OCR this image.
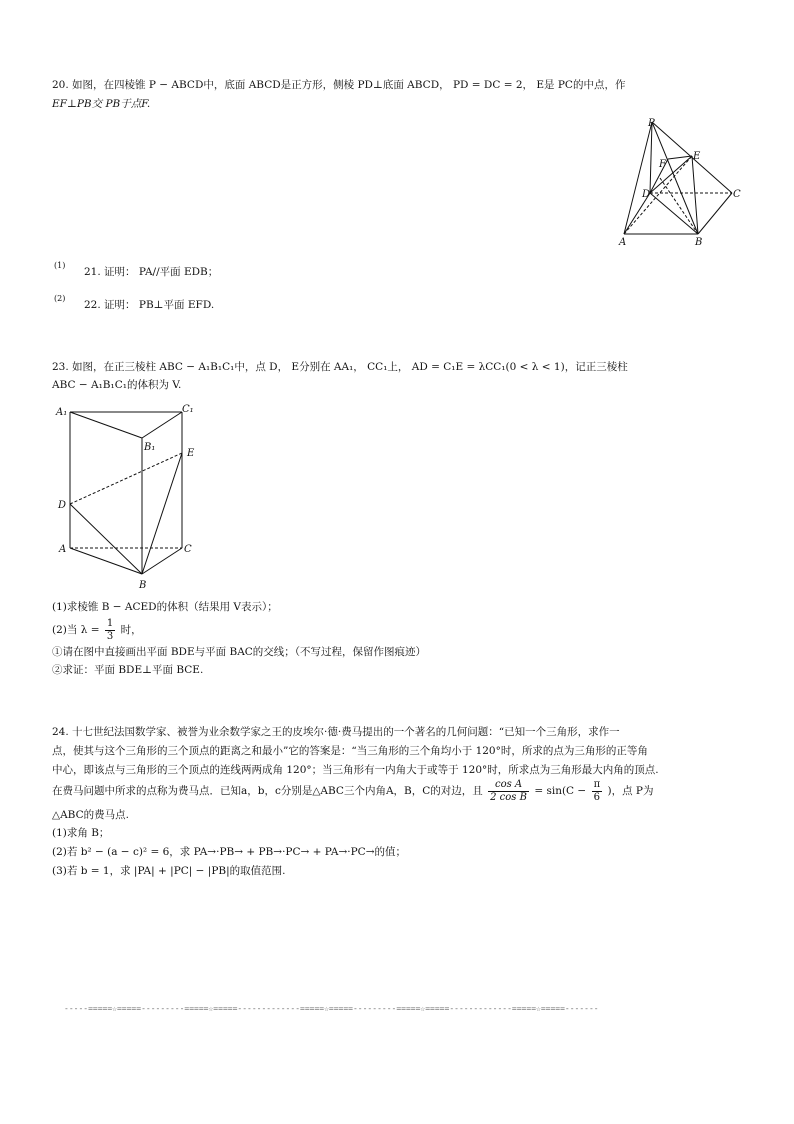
20. 如图，在四棱锥 P − ABCD中，底面 ABCD是正方形，侧棱 PD⊥底面 ABCD， PD = DC = 2， E是 PC的中点，作
EF⊥PB交 PB于点F.
P
E
F
D	C
A	B
(1)
21. 证明： PA//平面 EDB；
(2)
22. 证明： PB⊥平面 EFD.
23. 如图，在正三棱柱 ABC − A₁B₁C₁中，点 D， E分别在 AA₁， CC₁上， AD = C₁E = λCC₁(0 < λ < 1)，记正三棱柱
ABC − A₁B₁C₁的体积为 V.
A₁	C₁
B₁
E
D
A	C
B
(1)求棱锥 B − ACED的体积（结果用 V表示）；
(2)当 $\lambda = \frac{1}{3}$ 时，
①请在图中直接画出平面 BDE与平面 BAC的交线；（不写过程，保留作图痕迹）
②求证：平面 BDE⊥平面 BCE.
24. 十七世纪法国数学家、被誉为业余数学家之王的皮埃尔·德·费马提出的一个著名的几何问题：“已知一个三角形，求作一
点，使其与这个三角形的三个顶点的距离之和最小”它的答案是：“当三角形的三个角均小于 120°时，所求的点为三角形的正等角
中心，即该点与三角形的三个顶点的连线两两成角 120°；当三角形有一内角大于或等于 120°时，所求点为三角形最大内角的顶点.
在费马问题中所求的点称为费马点．已知a，b，c分别是△ABC三个内角A，B，C的对边，且 $\frac{\text{cos A}}{\text{2 cos B}} = \sin(C - \frac{\pi}{6}$ )，点 P为
△ABC的费马点.
(1)求角 B；
(2)若 b² − (a − c)² = 6，求 PA→·PB→ + PB→·PC→ + PA→·PC→的值；
(3)若 b = 1，求 |PA| + |PC| − |PB|的取值范围.
-----=====☆=====---------=====☆=====-------------=====☆=====---------=====☆=====-------------=====☆=====-------
